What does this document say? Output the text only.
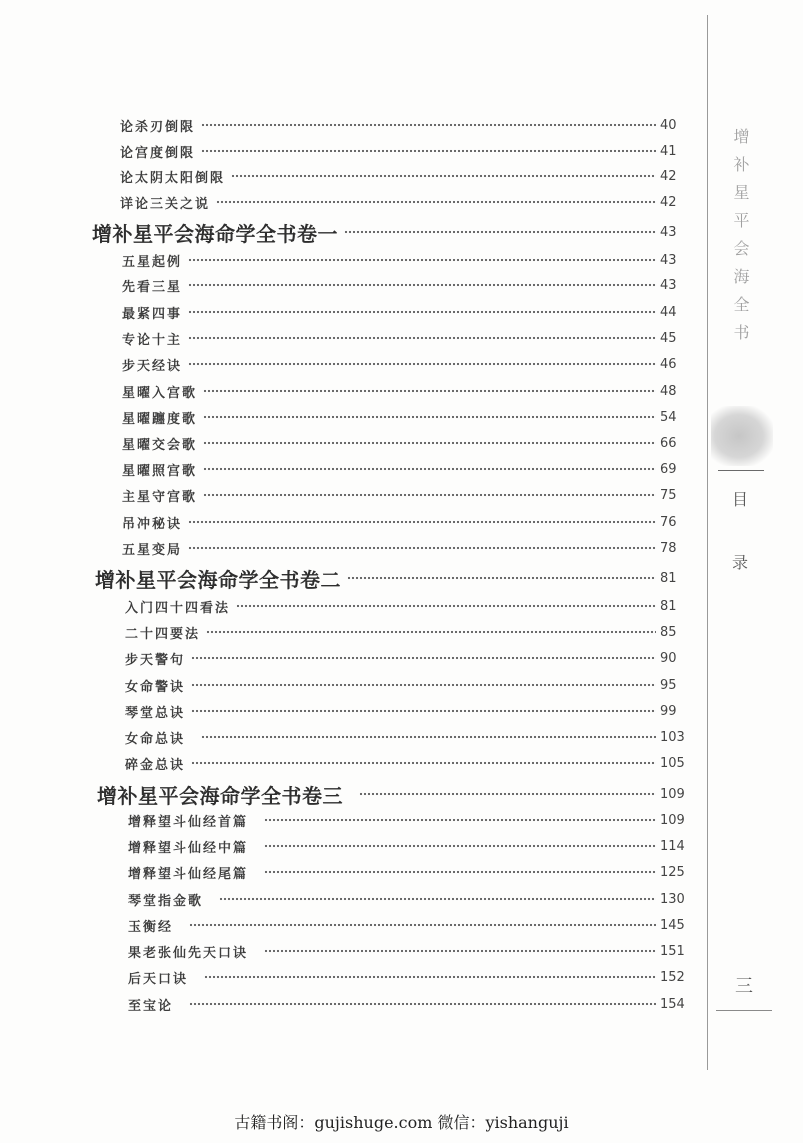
论杀刃倒限	40
论宫度倒限	41
论太阴太阳倒限	42
详论三关之说	42
增补星平会海命学全书卷一	43
五星起例	43
先看三星	43
最紧四事	44
专论十主	45
步天经诀	46
星曜入宫歌	48
星曜躔度歌	54
星曜交会歌	66
星曜照宫歌	69
主星守宫歌	75
吊冲秘诀	76
五星变局	78
增补星平会海命学全书卷二	81
入门四十四看法	81
二十四要法	85
步天警句	90
女命警诀	95
琴堂总诀	99
女命总诀	103
碎金总诀	105
增补星平会海命学全书卷三	109
增释望斗仙经首篇	109
增释望斗仙经中篇	114
增释望斗仙经尾篇	125
琴堂指金歌	130
玉衡经	145
果老张仙先天口诀	151
后天口诀	152
至宝论	154
增补星平会海全书
目
录
三
古籍书阁：gujishuge.com 微信：yishanguji
